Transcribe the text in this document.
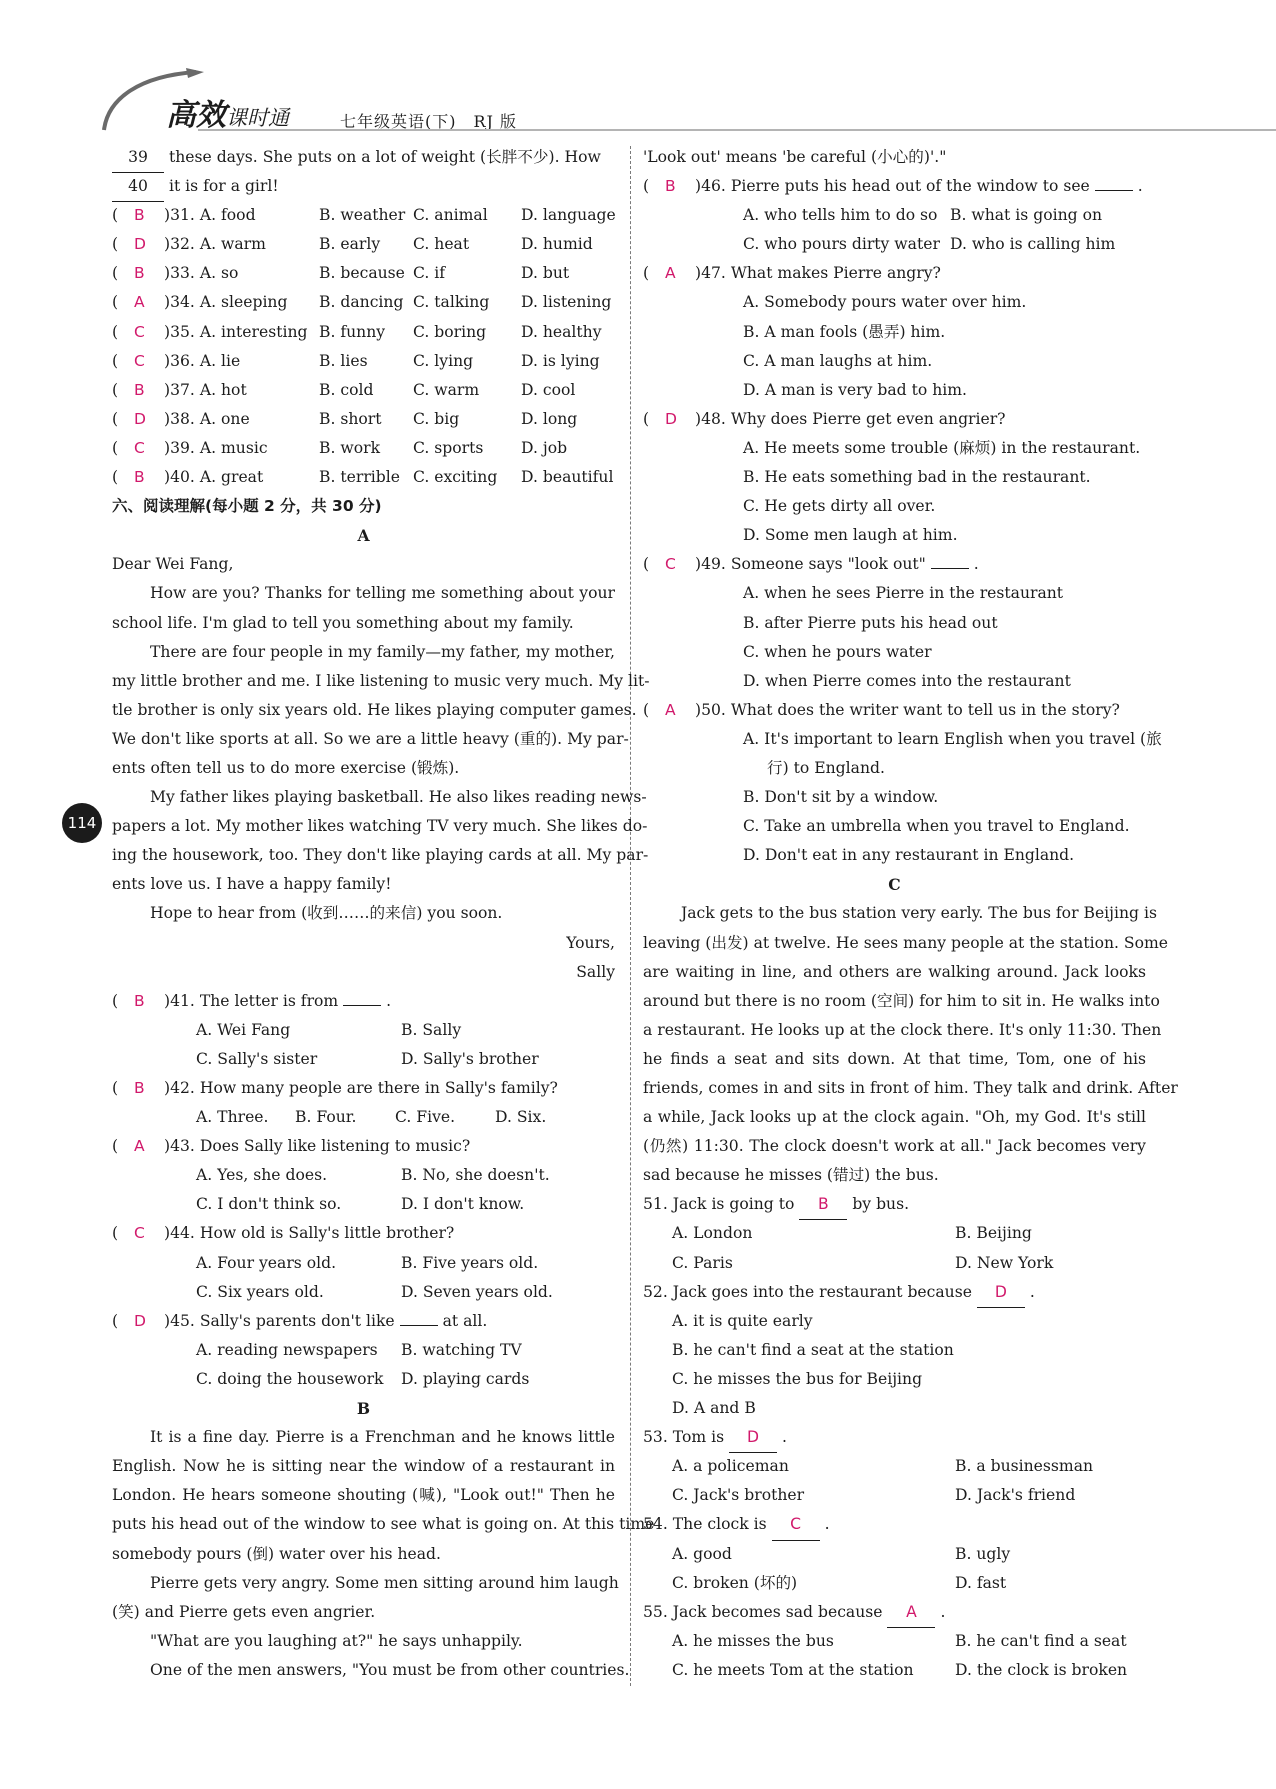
高效课时通	七年级英语(下)　RJ 版
114
39 these days. She puts on a lot of weight (长胖不少). How
40 it is for a girl!
( B )31. A. food	B. weather C. animal D. language
( D )32. A. warm	B. early C. heat	D. humid
( B )33. A. so	B. because C. if	D. but
( A )34. A. sleeping B. dancing C. talking D. listening
( C )35. A. interesting B. funny C. boring D. healthy
( C )36. A. lie	B. lies	C. lying	D. is lying
( B )37. A. hot	B. cold	C. warm	D. cool
( D )38. A. one	B. short C. big	D. long
( C )39. A. music	B. work C. sports D. job
( B )40. A. great	B. terrible C. exciting D. beautiful
六、阅读理解(每小题 2 分，共 30 分)
A
Dear Wei Fang,
How are you? Thanks for telling me something about your
school life. I'm glad to tell you something about my family.
There are four people in my family—my father, my mother,
my little brother and me. I like listening to music very much. My lit-
tle brother is only six years old. He likes playing computer games.
We don't like sports at all. So we are a little heavy (重的). My par-
ents often tell us to do more exercise (锻炼).
My father likes playing basketball. He also likes reading news-
papers a lot. My mother likes watching TV very much. She likes do-
ing the housework, too. They don't like playing cards at all. My par-
ents love us. I have a happy family!
Hope to hear from (收到……的来信) you soon.
Yours,
Sally
( B )41. The letter is from	.
A. Wei Fang	B. Sally
C. Sally's sister	D. Sally's brother
( B )42. How many people are there in Sally's family?
A. Three. B. Four. C. Five.	D. Six.
( A )43. Does Sally like listening to music?
A. Yes, she does.	B. No, she doesn't.
C. I don't think so.	D. I don't know.
( C )44. How old is Sally's little brother?
A. Four years old.	B. Five years old.
C. Six years old.	D. Seven years old.
( D )45. Sally's parents don't like	at all.
A. reading newspapers B. watching TV
C. doing the housework D. playing cards
B
It is a fine day. Pierre is a Frenchman and he knows little
English. Now he is sitting near the window of a restaurant in
London. He hears someone shouting (喊), "Look out!" Then he
puts his head out of the window to see what is going on. At this time
somebody pours (倒) water over his head.
Pierre gets very angry. Some men sitting around him laugh
(笑) and Pierre gets even angrier.
"What are you laughing at?" he says unhappily.
One of the men answers, "You must be from other countries.
'Look out' means 'be careful (小心的)'."
( B )46. Pierre puts his head out of the window to see	.
A. who tells him to do so B. what is going on
C. who pours dirty water D. who is calling him
( A )47. What makes Pierre angry?
A. Somebody pours water over him.
B. A man fools (愚弄) him.
C. A man laughs at him.
D. A man is very bad to him.
( D )48. Why does Pierre get even angrier?
A. He meets some trouble (麻烦) in the restaurant.
B. He eats something bad in the restaurant.
C. He gets dirty all over.
D. Some men laugh at him.
( C )49. Someone says "look out"	.
A. when he sees Pierre in the restaurant
B. after Pierre puts his head out
C. when he pours water
D. when Pierre comes into the restaurant
( A )50. What does the writer want to tell us in the story?
A. It's important to learn English when you travel (旅
行) to England.
B. Don't sit by a window.
C. Take an umbrella when you travel to England.
D. Don't eat in any restaurant in England.
C
Jack gets to the bus station very early. The bus for Beijing is
leaving (出发) at twelve. He sees many people at the station. Some
are waiting in line, and others are walking around. Jack looks
around but there is no room (空间) for him to sit in. He walks into
a restaurant. He looks up at the clock there. It's only 11:30. Then
he finds a seat and sits down. At that time, Tom, one of his
friends, comes in and sits in front of him. They talk and drink. After
a while, Jack looks up at the clock again. "Oh, my God. It's still
(仍然) 11:30. The clock doesn't work at all." Jack becomes very
sad because he misses (错过) the bus.
51. Jack is going to B by bus.
A. London	B. Beijing
C. Paris	D. New York
52. Jack goes into the restaurant because D .
A. it is quite early
B. he can't find a seat at the station
C. he misses the bus for Beijing
D. A and B
53. Tom is D .
A. a policeman	B. a businessman
C. Jack's brother	D. Jack's friend
54. The clock is C .
A. good	B. ugly
C. broken (坏的)	D. fast
55. Jack becomes sad because A .
A. he misses the bus	B. he can't find a seat
C. he meets Tom at the station	D. the clock is broken
